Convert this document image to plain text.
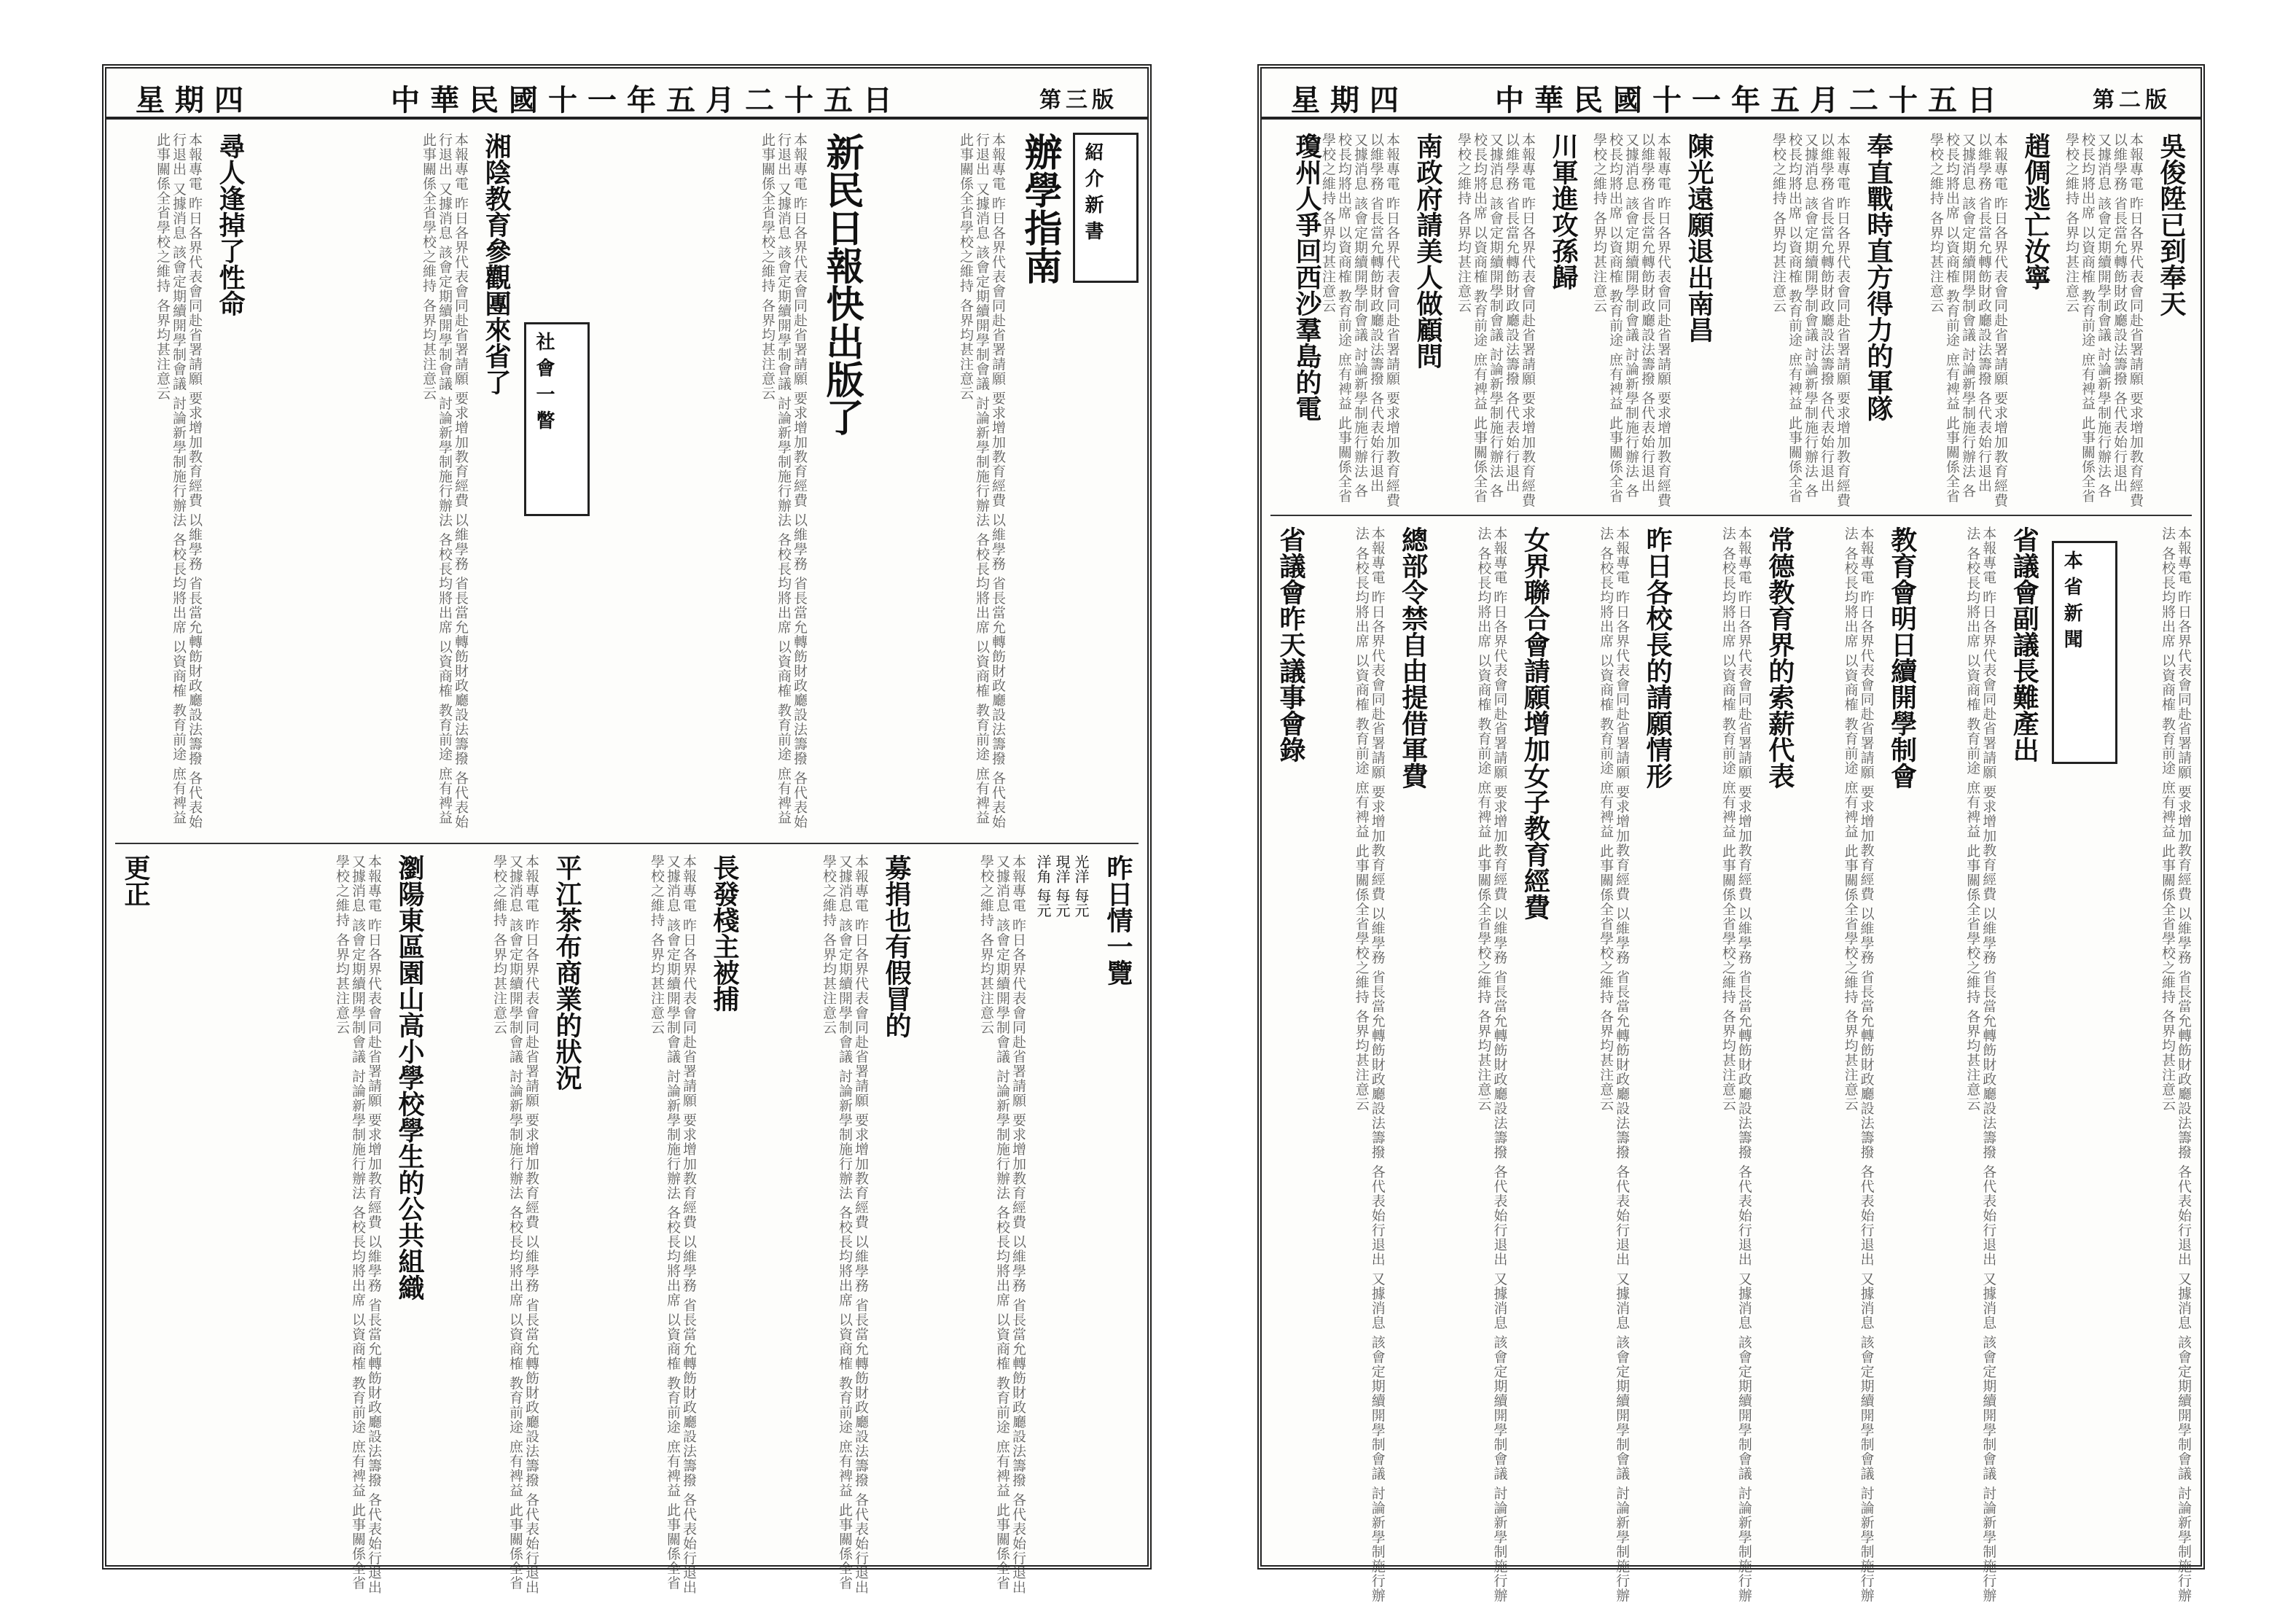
星期四	中華民國十一年五月二十五日	第三版
紹介新書
辦學指南
本報專電 昨日各界代表會同赴省署請願 要求增加教育經費 以維學務 省長當允轉飭財政廳設法籌撥 各代表始行退出 又據消息 該會定期續開學制會議 討論新學制施行辦法 各校長均將出席 以資商榷 教育前途 庶有裨益 此事關係全省學校之維持 各界均甚注意云
新民日報快出版了
本報專電 昨日各界代表會同赴省署請願 要求增加教育經費 以維學務 省長當允轉飭財政廳設法籌撥 各代表始行退出 又據消息 該會定期續開學制會議 討論新學制施行辦法 各校長均將出席 以資商榷 教育前途 庶有裨益 此事關係全省學校之維持 各界均甚注意云
社會一瞥
湘陰教育參觀團來省了
本報專電 昨日各界代表會同赴省署請願 要求增加教育經費 以維學務 省長當允轉飭財政廳設法籌撥 各代表始行退出 又據消息 該會定期續開學制會議 討論新學制施行辦法 各校長均將出席 以資商榷 教育前途 庶有裨益 此事關係全省學校之維持 各界均甚注意云
尋人逢掉了性命
本報專電 昨日各界代表會同赴省署請願 要求增加教育經費 以維學務 省長當允轉飭財政廳設法籌撥 各代表始行退出 又據消息 該會定期續開學制會議 討論新學制施行辦法 各校長均將出席 以資商榷 教育前途 庶有裨益 此事關係全省學校之維持 各界均甚注意云
昨日情一覽
光洋 每元
現洋 每元
洋角 每元
本報專電 昨日各界代表會同赴省署請願 要求增加教育經費 以維學務 省長當允轉飭財政廳設法籌撥 各代表始行退出 又據消息 該會定期續開學制會議 討論新學制施行辦法 各校長均將出席 以資商榷 教育前途 庶有裨益 此事關係全省學校之維持 各界均甚注意云
募捐也有假冒的
本報專電 昨日各界代表會同赴省署請願 要求增加教育經費 以維學務 省長當允轉飭財政廳設法籌撥 各代表始行退出 又據消息 該會定期續開學制會議 討論新學制施行辦法 各校長均將出席 以資商榷 教育前途 庶有裨益 此事關係全省學校之維持 各界均甚注意云
長發棧主被捕
本報專電 昨日各界代表會同赴省署請願 要求增加教育經費 以維學務 省長當允轉飭財政廳設法籌撥 各代表始行退出 又據消息 該會定期續開學制會議 討論新學制施行辦法 各校長均將出席 以資商榷 教育前途 庶有裨益 此事關係全省學校之維持 各界均甚注意云
平江茶布商業的狀況
本報專電 昨日各界代表會同赴省署請願 要求增加教育經費 以維學務 省長當允轉飭財政廳設法籌撥 各代表始行退出 又據消息 該會定期續開學制會議 討論新學制施行辦法 各校長均將出席 以資商榷 教育前途 庶有裨益 此事關係全省學校之維持 各界均甚注意云
瀏陽東區園山高小學校學生的公共組織
本報專電 昨日各界代表會同赴省署請願 要求增加教育經費 以維學務 省長當允轉飭財政廳設法籌撥 各代表始行退出 又據消息 該會定期續開學制會議 討論新學制施行辦法 各校長均將出席 以資商榷 教育前途 庶有裨益 此事關係全省學校之維持 各界均甚注意云
更正
星期四	中華民國十一年五月二十五日	第二版
吳俊陞已到奉天
本報專電 昨日各界代表會同赴省署請願 要求增加教育經費 以維學務 省長當允轉飭財政廳設法籌撥 各代表始行退出 又據消息 該會定期續開學制會議 討論新學制施行辦法 各校長均將出席 以資商榷 教育前途 庶有裨益 此事關係全省學校之維持 各界均甚注意云
趙倜逃亡汝寧
本報專電 昨日各界代表會同赴省署請願 要求增加教育經費 以維學務 省長當允轉飭財政廳設法籌撥 各代表始行退出 又據消息 該會定期續開學制會議 討論新學制施行辦法 各校長均將出席 以資商榷 教育前途 庶有裨益 此事關係全省學校之維持 各界均甚注意云
奉直戰時直方得力的軍隊
本報專電 昨日各界代表會同赴省署請願 要求增加教育經費 以維學務 省長當允轉飭財政廳設法籌撥 各代表始行退出 又據消息 該會定期續開學制會議 討論新學制施行辦法 各校長均將出席 以資商榷 教育前途 庶有裨益 此事關係全省學校之維持 各界均甚注意云
陳光遠願退出南昌
本報專電 昨日各界代表會同赴省署請願 要求增加教育經費 以維學務 省長當允轉飭財政廳設法籌撥 各代表始行退出 又據消息 該會定期續開學制會議 討論新學制施行辦法 各校長均將出席 以資商榷 教育前途 庶有裨益 此事關係全省學校之維持 各界均甚注意云
川軍進攻孫歸
本報專電 昨日各界代表會同赴省署請願 要求增加教育經費 以維學務 省長當允轉飭財政廳設法籌撥 各代表始行退出 又據消息 該會定期續開學制會議 討論新學制施行辦法 各校長均將出席 以資商榷 教育前途 庶有裨益 此事關係全省學校之維持 各界均甚注意云
南政府請美人做顧問
本報專電 昨日各界代表會同赴省署請願 要求增加教育經費 以維學務 省長當允轉飭財政廳設法籌撥 各代表始行退出 又據消息 該會定期續開學制會議 討論新學制施行辦法 各校長均將出席 以資商榷 教育前途 庶有裨益 此事關係全省學校之維持 各界均甚注意云
瓊州人爭回西沙羣島的電
本報專電 昨日各界代表會同赴省署請願 要求增加教育經費 以維學務 省長當允轉飭財政廳設法籌撥 各代表始行退出 又據消息 該會定期續開學制會議 討論新學制施行辦法 各校長均將出席 以資商榷 教育前途 庶有裨益 此事關係全省學校之維持 各界均甚注意云
本省新聞
省議會副議長難產出
本報專電 昨日各界代表會同赴省署請願 要求增加教育經費 以維學務 省長當允轉飭財政廳設法籌撥 各代表始行退出 又據消息 該會定期續開學制會議 討論新學制施行辦法 各校長均將出席 以資商榷 教育前途 庶有裨益 此事關係全省學校之維持 各界均甚注意云
教育會明日續開學制會
本報專電 昨日各界代表會同赴省署請願 要求增加教育經費 以維學務 省長當允轉飭財政廳設法籌撥 各代表始行退出 又據消息 該會定期續開學制會議 討論新學制施行辦法 各校長均將出席 以資商榷 教育前途 庶有裨益 此事關係全省學校之維持 各界均甚注意云
常德教育界的索薪代表
本報專電 昨日各界代表會同赴省署請願 要求增加教育經費 以維學務 省長當允轉飭財政廳設法籌撥 各代表始行退出 又據消息 該會定期續開學制會議 討論新學制施行辦法 各校長均將出席 以資商榷 教育前途 庶有裨益 此事關係全省學校之維持 各界均甚注意云
昨日各校長的請願情形
本報專電 昨日各界代表會同赴省署請願 要求增加教育經費 以維學務 省長當允轉飭財政廳設法籌撥 各代表始行退出 又據消息 該會定期續開學制會議 討論新學制施行辦法 各校長均將出席 以資商榷 教育前途 庶有裨益 此事關係全省學校之維持 各界均甚注意云
女界聯合會請願增加女子教育經費
本報專電 昨日各界代表會同赴省署請願 要求增加教育經費 以維學務 省長當允轉飭財政廳設法籌撥 各代表始行退出 又據消息 該會定期續開學制會議 討論新學制施行辦法 各校長均將出席 以資商榷 教育前途 庶有裨益 此事關係全省學校之維持 各界均甚注意云
總部令禁自由提借軍費
本報專電 昨日各界代表會同赴省署請願 要求增加教育經費 以維學務 省長當允轉飭財政廳設法籌撥 各代表始行退出 又據消息 該會定期續開學制會議 討論新學制施行辦法 各校長均將出席 以資商榷 教育前途 庶有裨益 此事關係全省學校之維持 各界均甚注意云
省議會昨天議事會錄
